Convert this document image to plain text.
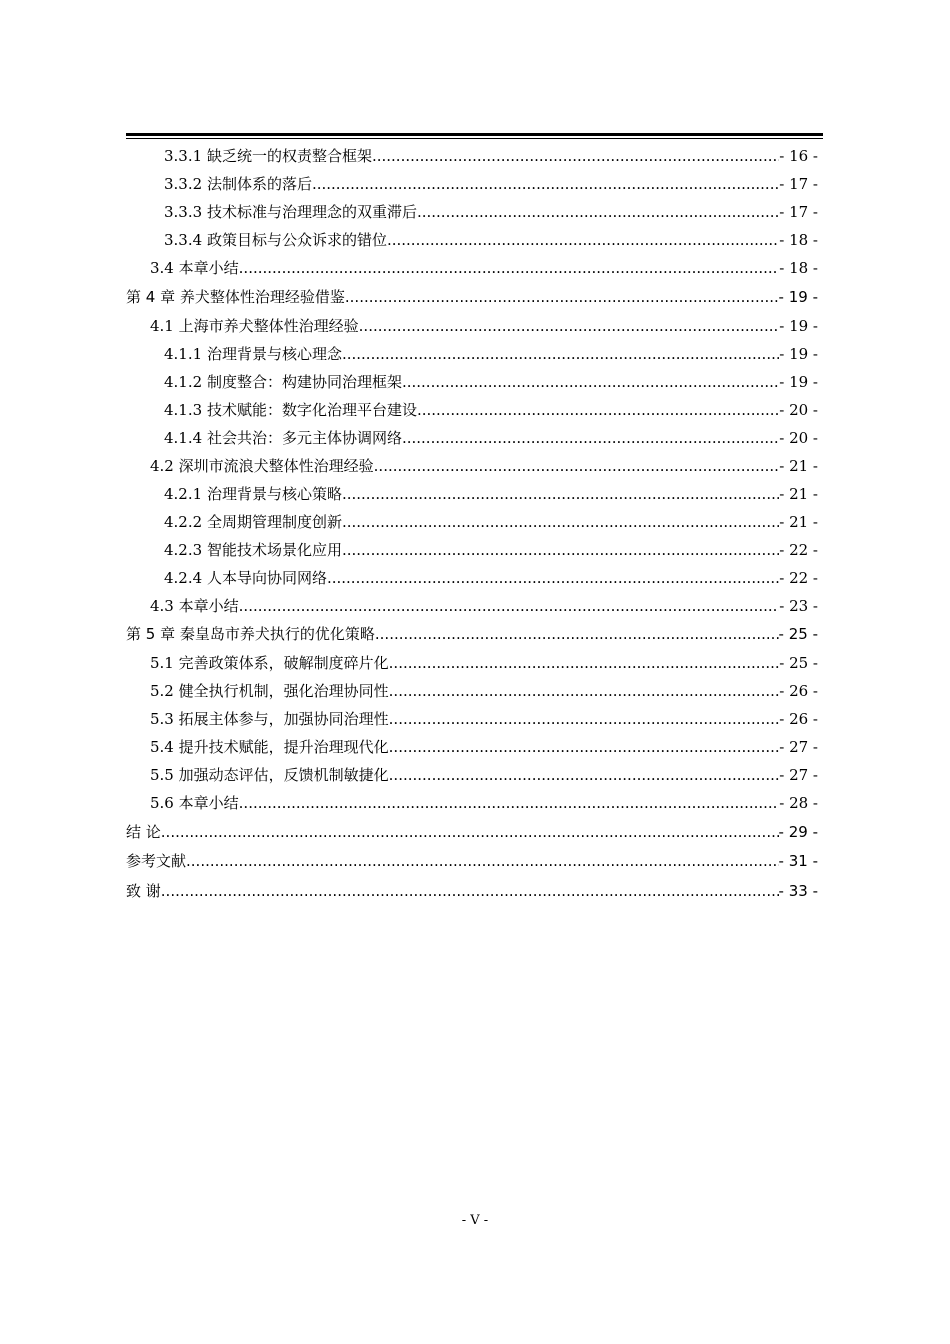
3.3.1 缺乏统一的权责整合框架 .....	- 16 -
3.3.2 法制体系的落后 .....	- 17 -
3.3.3 技术标准与治理理念的双重滞后 .....	- 17 -
3.3.4 政策目标与公众诉求的错位 .....	- 18 -
3.4 本章小结 .....	- 18 -
第 4 章 养犬整体性治理经验借鉴 .....	- 19 -
4.1 上海市养犬整体性治理经验 .....	- 19 -
4.1.1 治理背景与核心理念 .....	- 19 -
4.1.2 制度整合：构建协同治理框架 .....	- 19 -
4.1.3 技术赋能：数字化治理平台建设 .....	- 20 -
4.1.4 社会共治：多元主体协调网络 .....	- 20 -
4.2 深圳市流浪犬整体性治理经验 .....	- 21 -
4.2.1 治理背景与核心策略 .....	- 21 -
4.2.2 全周期管理制度创新 .....	- 21 -
4.2.3 智能技术场景化应用 .....	- 22 -
4.2.4 人本导向协同网络 .....	- 22 -
4.3 本章小结 .....	- 23 -
第 5 章 秦皇岛市养犬执行的优化策略 .....	- 25 -
5.1 完善政策体系，破解制度碎片化 .....	- 25 -
5.2 健全执行机制，强化治理协同性 .....	- 26 -
5.3 拓展主体参与，加强协同治理性 .....	- 26 -
5.4 提升技术赋能，提升治理现代化 .....	- 27 -
5.5 加强动态评估，反馈机制敏捷化 .....	- 27 -
5.6 本章小结 .....	- 28 -
结 论 .....	- 29 -
参考文献 .....	- 31 -
致 谢 .....	- 33 -
- V -
